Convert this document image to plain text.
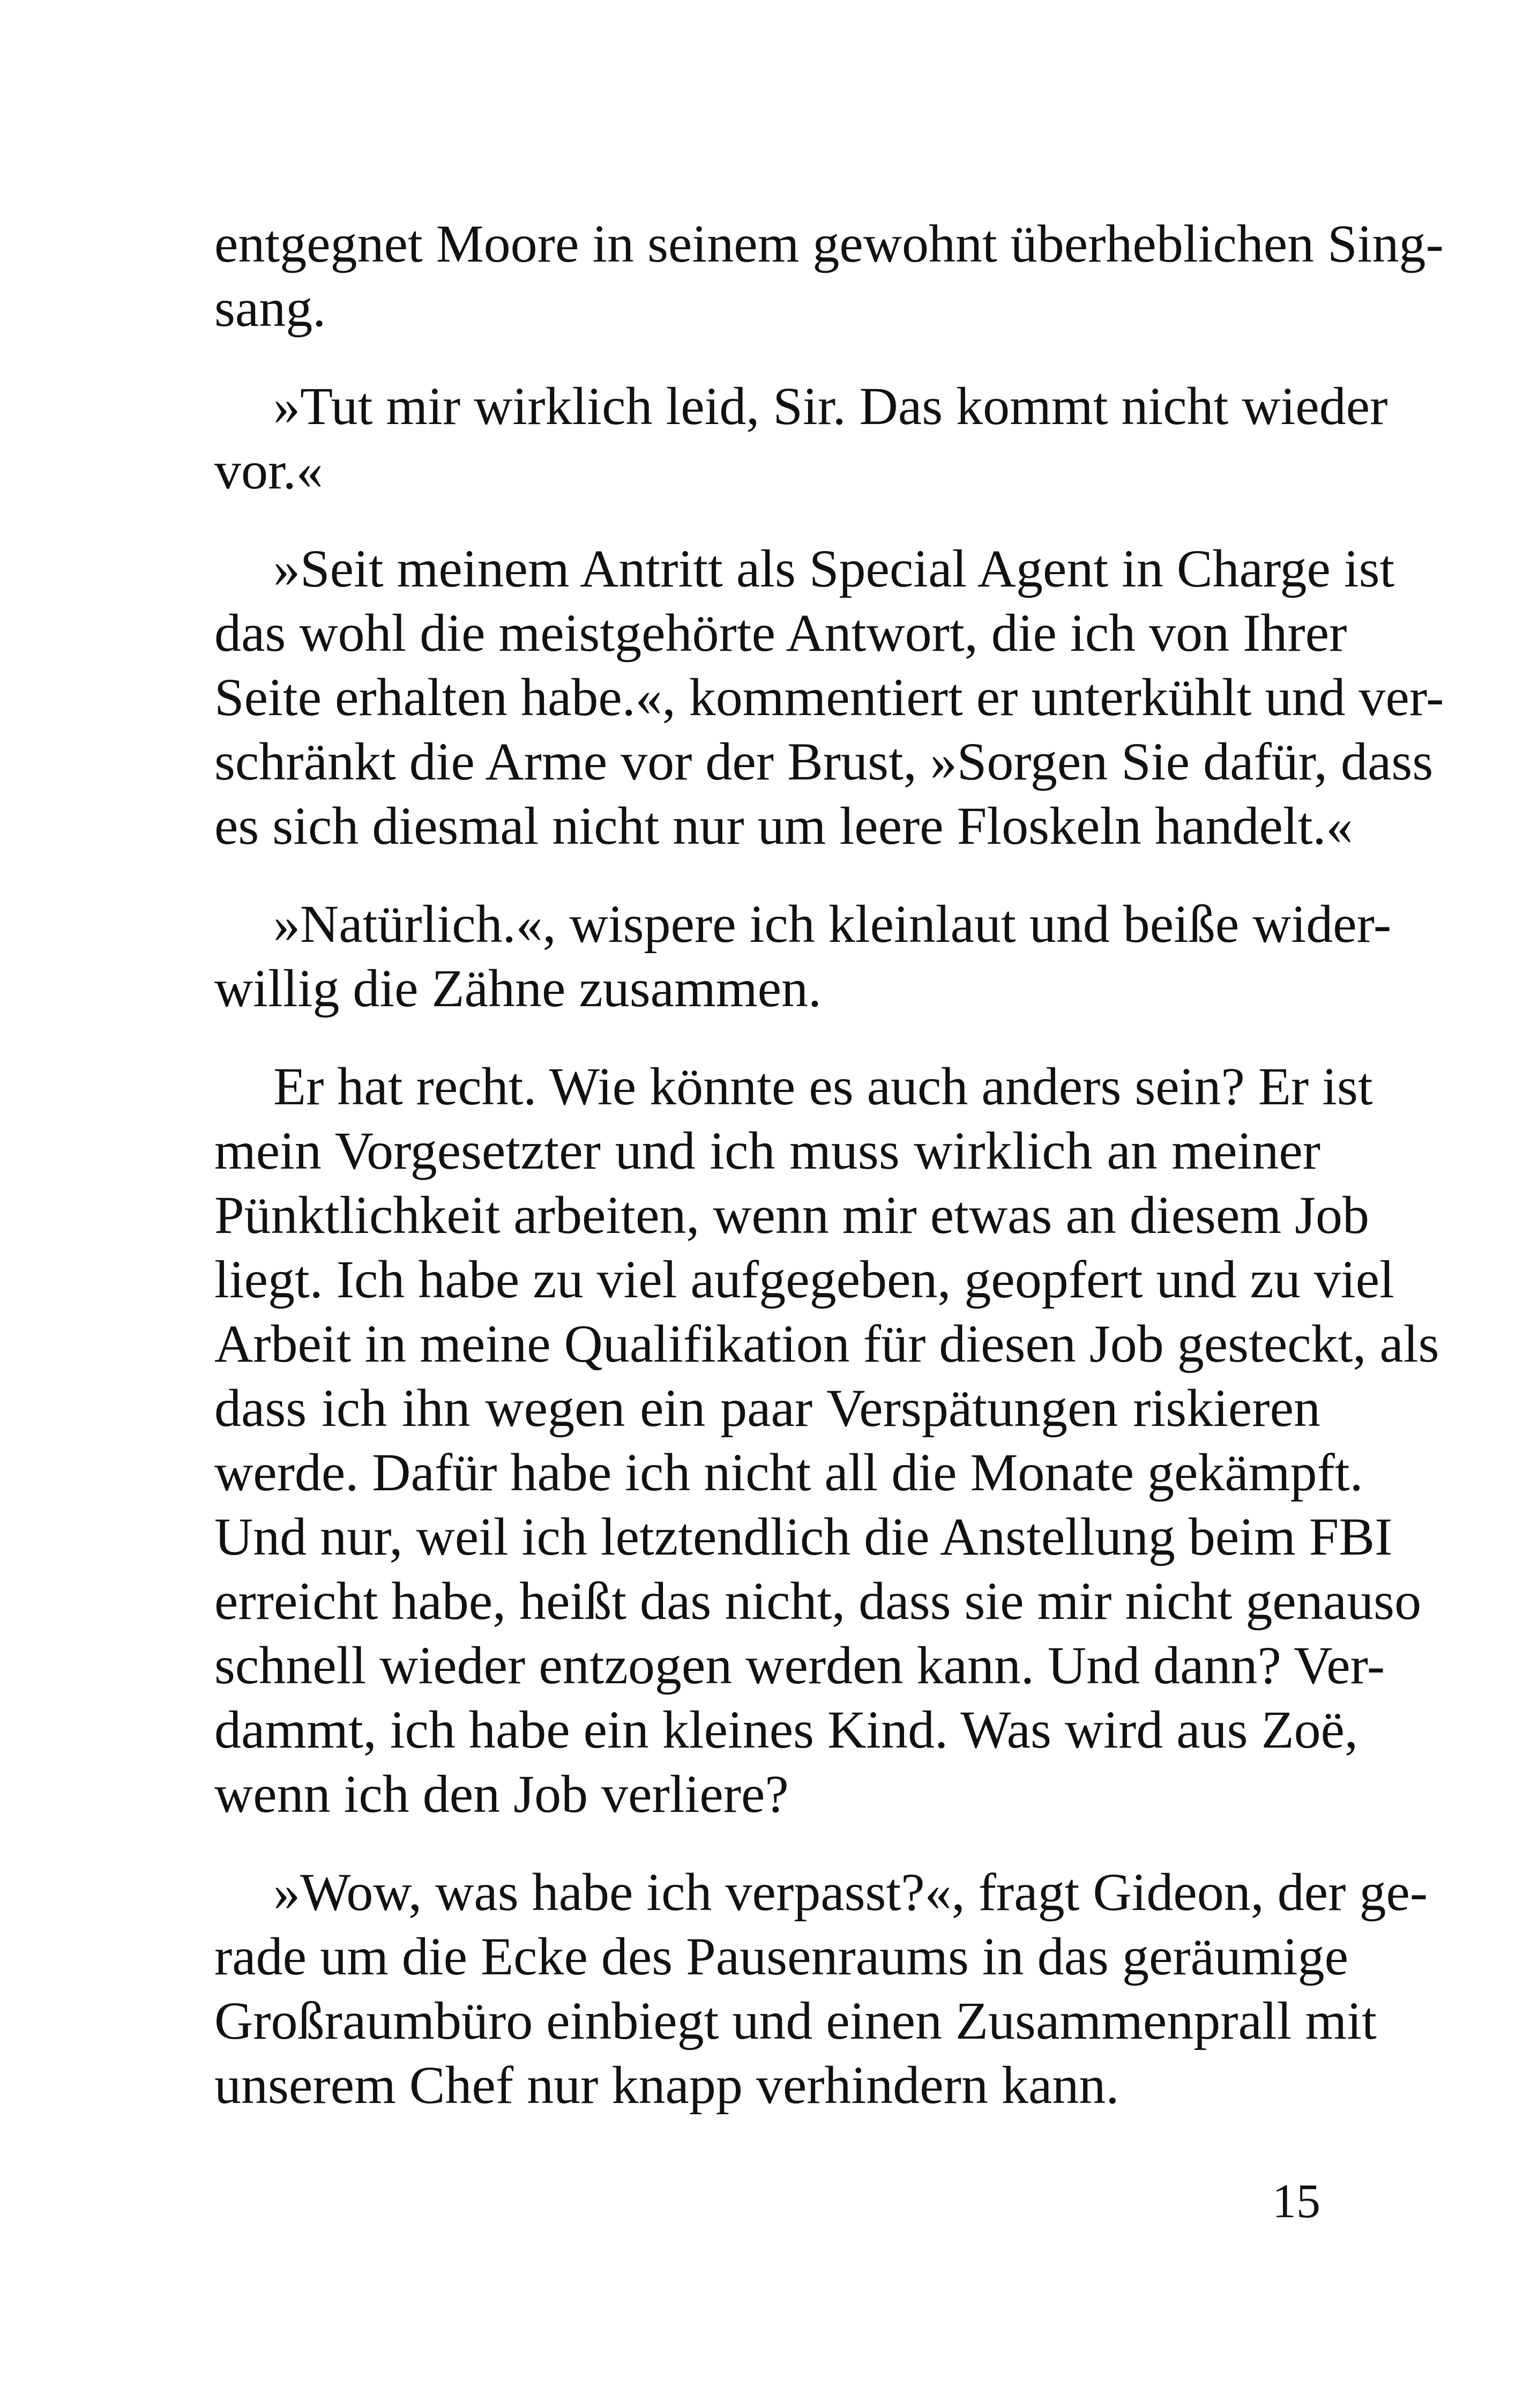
entgegnet Moore in seinem gewohnt überheblichen Sing-
sang.
»Tut mir wirklich leid, Sir. Das kommt nicht wieder
vor.«
»Seit meinem Antritt als Special Agent in Charge ist
das wohl die meistgehörte Antwort, die ich von Ihrer
Seite erhalten habe.«, kommentiert er unterkühlt und ver-
schränkt die Arme vor der Brust, »Sorgen Sie dafür, dass
es sich diesmal nicht nur um leere Floskeln handelt.«
»Natürlich.«, wispere ich kleinlaut und beiße wider-
willig die Zähne zusammen.
Er hat recht. Wie könnte es auch anders sein? Er ist
mein Vorgesetzter und ich muss wirklich an meiner
Pünktlichkeit arbeiten, wenn mir etwas an diesem Job
liegt. Ich habe zu viel aufgegeben, geopfert und zu viel
Arbeit in meine Qualifikation für diesen Job gesteckt, als
dass ich ihn wegen ein paar Verspätungen riskieren
werde. Dafür habe ich nicht all die Monate gekämpft.
Und nur, weil ich letztendlich die Anstellung beim FBI
erreicht habe, heißt das nicht, dass sie mir nicht genauso
schnell wieder entzogen werden kann. Und dann? Ver-
dammt, ich habe ein kleines Kind. Was wird aus Zoë,
wenn ich den Job verliere?
»Wow, was habe ich verpasst?«, fragt Gideon, der ge-
rade um die Ecke des Pausenraums in das geräumige
Großraumbüro einbiegt und einen Zusammenprall mit
unserem Chef nur knapp verhindern kann.
15
